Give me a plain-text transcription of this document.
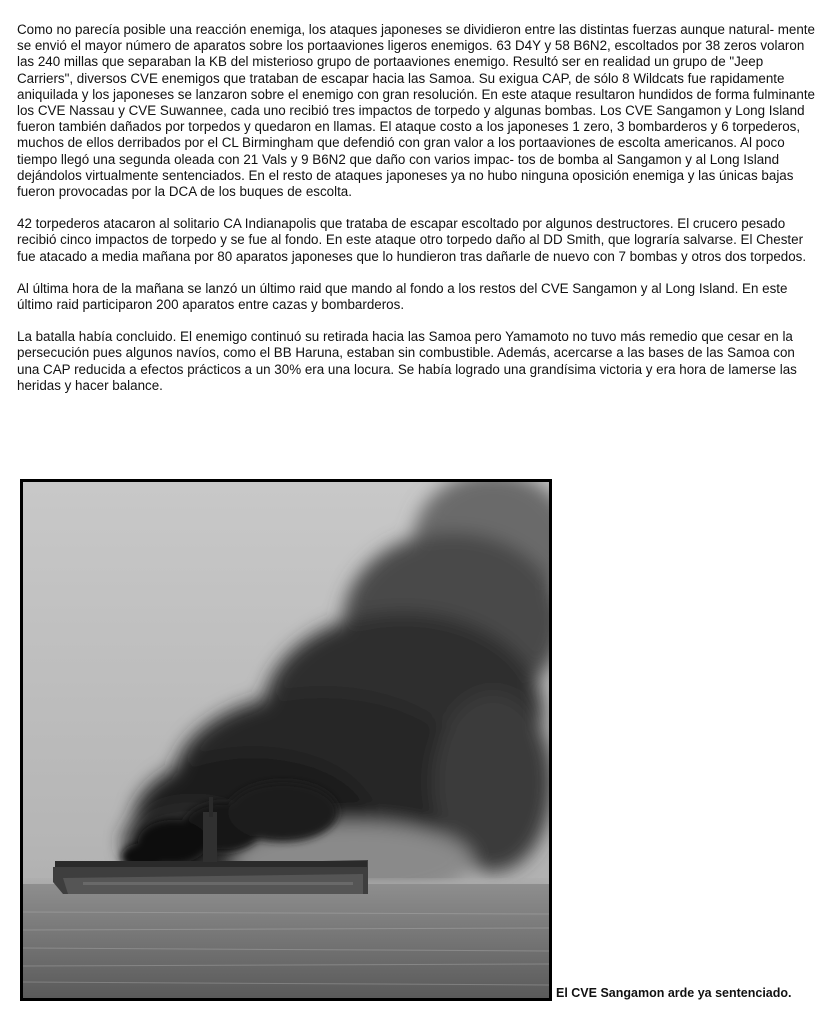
Como no parecía posible una reacción enemiga, los ataques japoneses se dividieron entre las distintas fuerzas aunque natural- mente se envió el mayor número de aparatos sobre los portaaviones ligeros enemigos. 63 D4Y y 58 B6N2, escoltados por 38 zeros volaron las 240 millas que separaban la KB del misterioso grupo de portaaviones enemigo. Resultó ser en realidad un grupo de "Jeep Carriers", diversos CVE enemigos que trataban de escapar hacia las Samoa. Su exigua CAP, de sólo 8 Wildcats fue rapidamente aniquilada y los japoneses se lanzaron sobre el enemigo con gran resolución. En este ataque resultaron hundidos de forma fulminante los CVE Nassau y CVE Suwannee, cada uno recibió tres impactos de torpedo y algunas bombas. Los CVE Sangamon y Long Island fueron también dañados por torpedos y quedaron en llamas. El ataque costo a los japoneses 1 zero, 3 bombarderos y 6 torpederos, muchos de ellos derribados por el CL Birmingham que defendió con gran valor a los portaaviones de escolta americanos. Al poco tiempo llegó una segunda oleada con 21 Vals y 9 B6N2 que daño con varios impac- tos de bomba al Sangamon y al Long Island dejándolos virtualmente sentenciados. En el resto de ataques japoneses ya no hubo ninguna oposición enemiga y las únicas bajas fueron provocadas por la DCA de los buques de escolta.

42 torpederos atacaron al solitario CA Indianapolis que trataba de escapar escoltado por algunos destructores. El crucero pesado recibió cinco impactos de torpedo y se fue al fondo. En este ataque otro torpedo daño al DD Smith, que lograría salvarse. El Chester fue atacado a media mañana por 80 aparatos japoneses que lo hundieron tras dañarle de nuevo con 7 bombas y otros dos torpedos.

Al última hora de la mañana se lanzó un último raid que mando al fondo a los restos del CVE Sangamon y al Long Island. En este último raid participaron 200 aparatos entre cazas y bombarderos.

La batalla había concluido. El enemigo continuó su retirada hacia las Samoa pero Yamamoto no tuvo más remedio que cesar en la persecución pues algunos navíos, como el BB Haruna, estaban sin combustible. Además, acercarse a las bases de las Samoa con una CAP reducida a efectos prácticos a un 30% era una locura. Se había logrado una grandísima victoria y era hora de lamerse las heridas y hacer balance.

El CVE Sangamon arde ya sentenciado.
